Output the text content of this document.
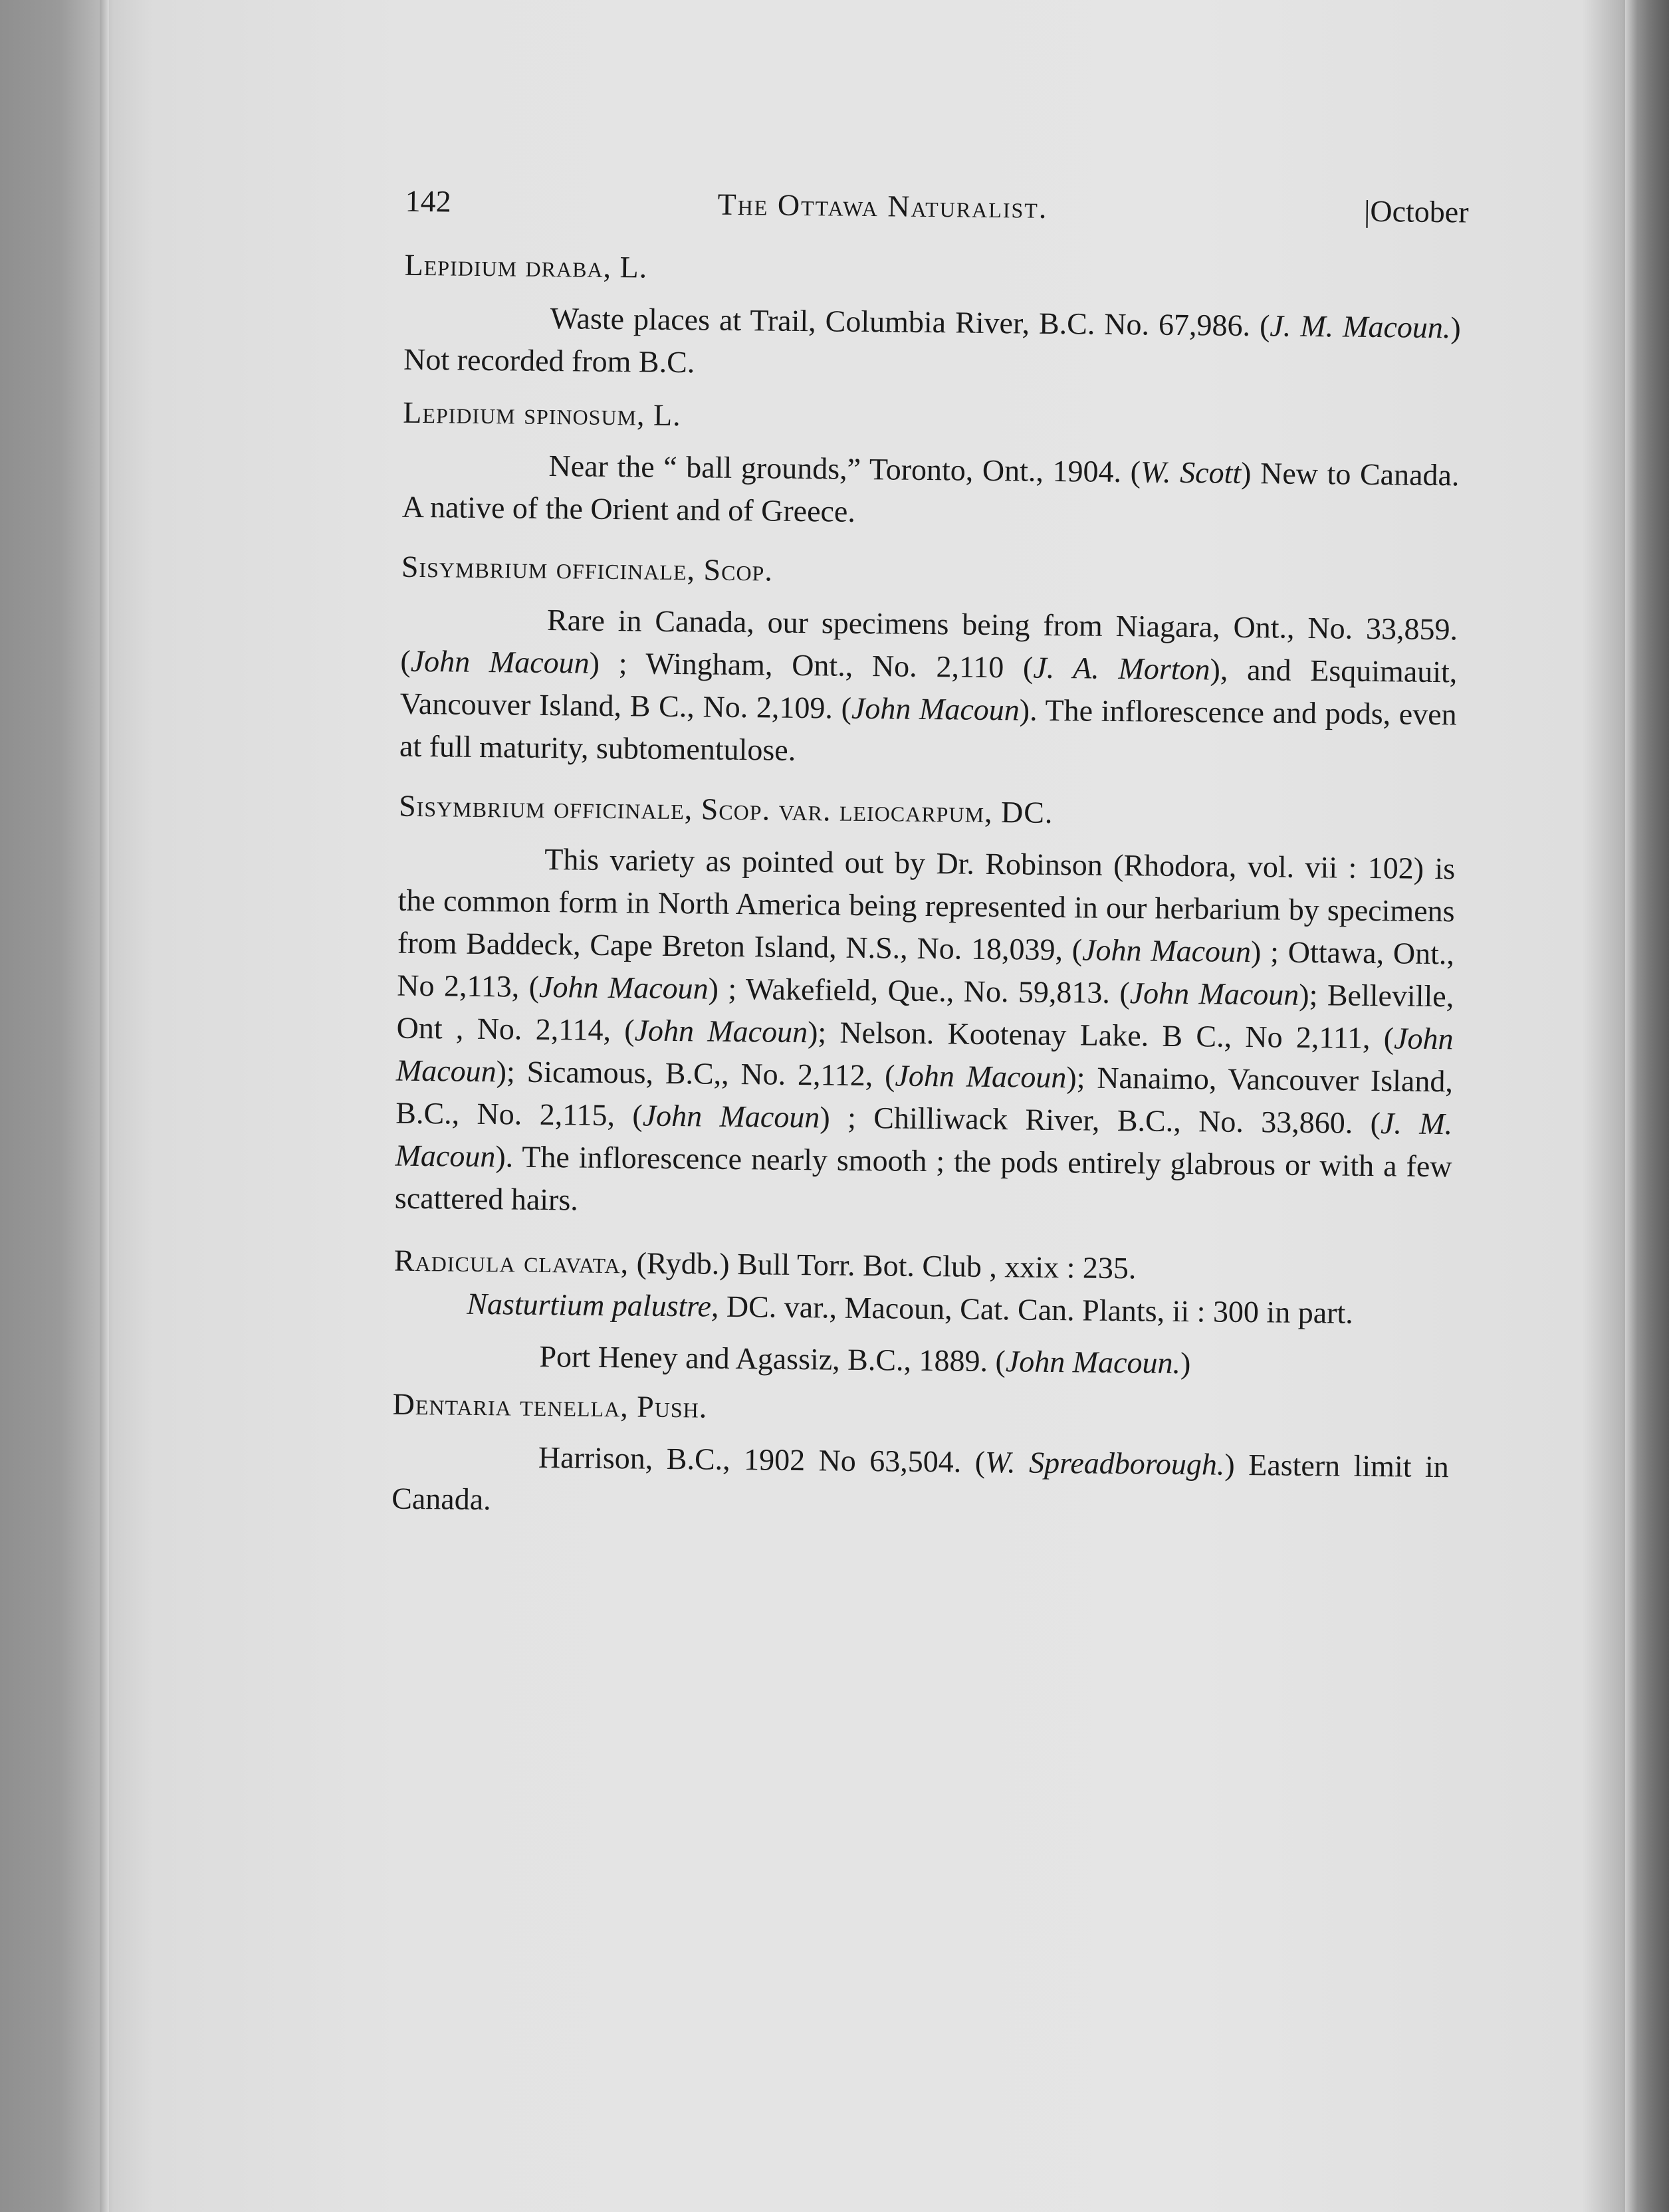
142	The Ottawa Naturalist.	|October
Lepidium draba, L.
Waste places at Trail, Columbia River, B.C. No. 67,986. (J. M. Macoun.) Not recorded from B.C.
Lepidium spinosum, L.
Near the “ ball grounds,” Toronto, Ont., 1904. (W. Scott) New to Canada. A native of the Orient and of Greece.
Sisymbrium officinale, Scop.
Rare in Canada, our specimens being from Niagara, Ont., No. 33,859. (John Macoun) ; Wingham, Ont., No. 2,110 (J. A. Morton), and Esquimauit, Vancouver Island, B C., No. 2,109. (John Macoun). The inflorescence and pods, even at full maturity, subtomentulose.
Sisymbrium officinale, Scop. var. leiocarpum, DC.
This variety as pointed out by Dr. Robinson (Rhodora, vol. vii : 102) is the common form in North America being represented in our herbarium by specimens from Baddeck, Cape Breton Island, N.S., No. 18,039, (John Macoun) ; Ottawa, Ont., No 2,113, (John Macoun) ; Wakefield, Que., No. 59,813. (John Macoun); Belleville, Ont , No. 2,114, (John Macoun); Nelson. Kootenay Lake. B C., No 2,111, (John Macoun); Sicamous, B.C,, No. 2,112, (John Macoun); Nanaimo, Vancouver Island, B.C., No. 2,115, (John Macoun) ; Chilliwack River, B.C., No. 33,860. (J. M. Macoun). The inflorescence nearly smooth ; the pods entirely glabrous or with a few scattered hairs.
Radicula clavata, (Rydb.) Bull Torr. Bot. Club , xxix : 235.
Nasturtium palustre, DC. var., Macoun, Cat. Can. Plants, ii : 300 in part.
Port Heney and Agassiz, B.C., 1889. (John Macoun.)
Dentaria tenella, Push.
Harrison, B.C., 1902 No 63,504. (W. Spreadborough.) Eastern limit in Canada.
